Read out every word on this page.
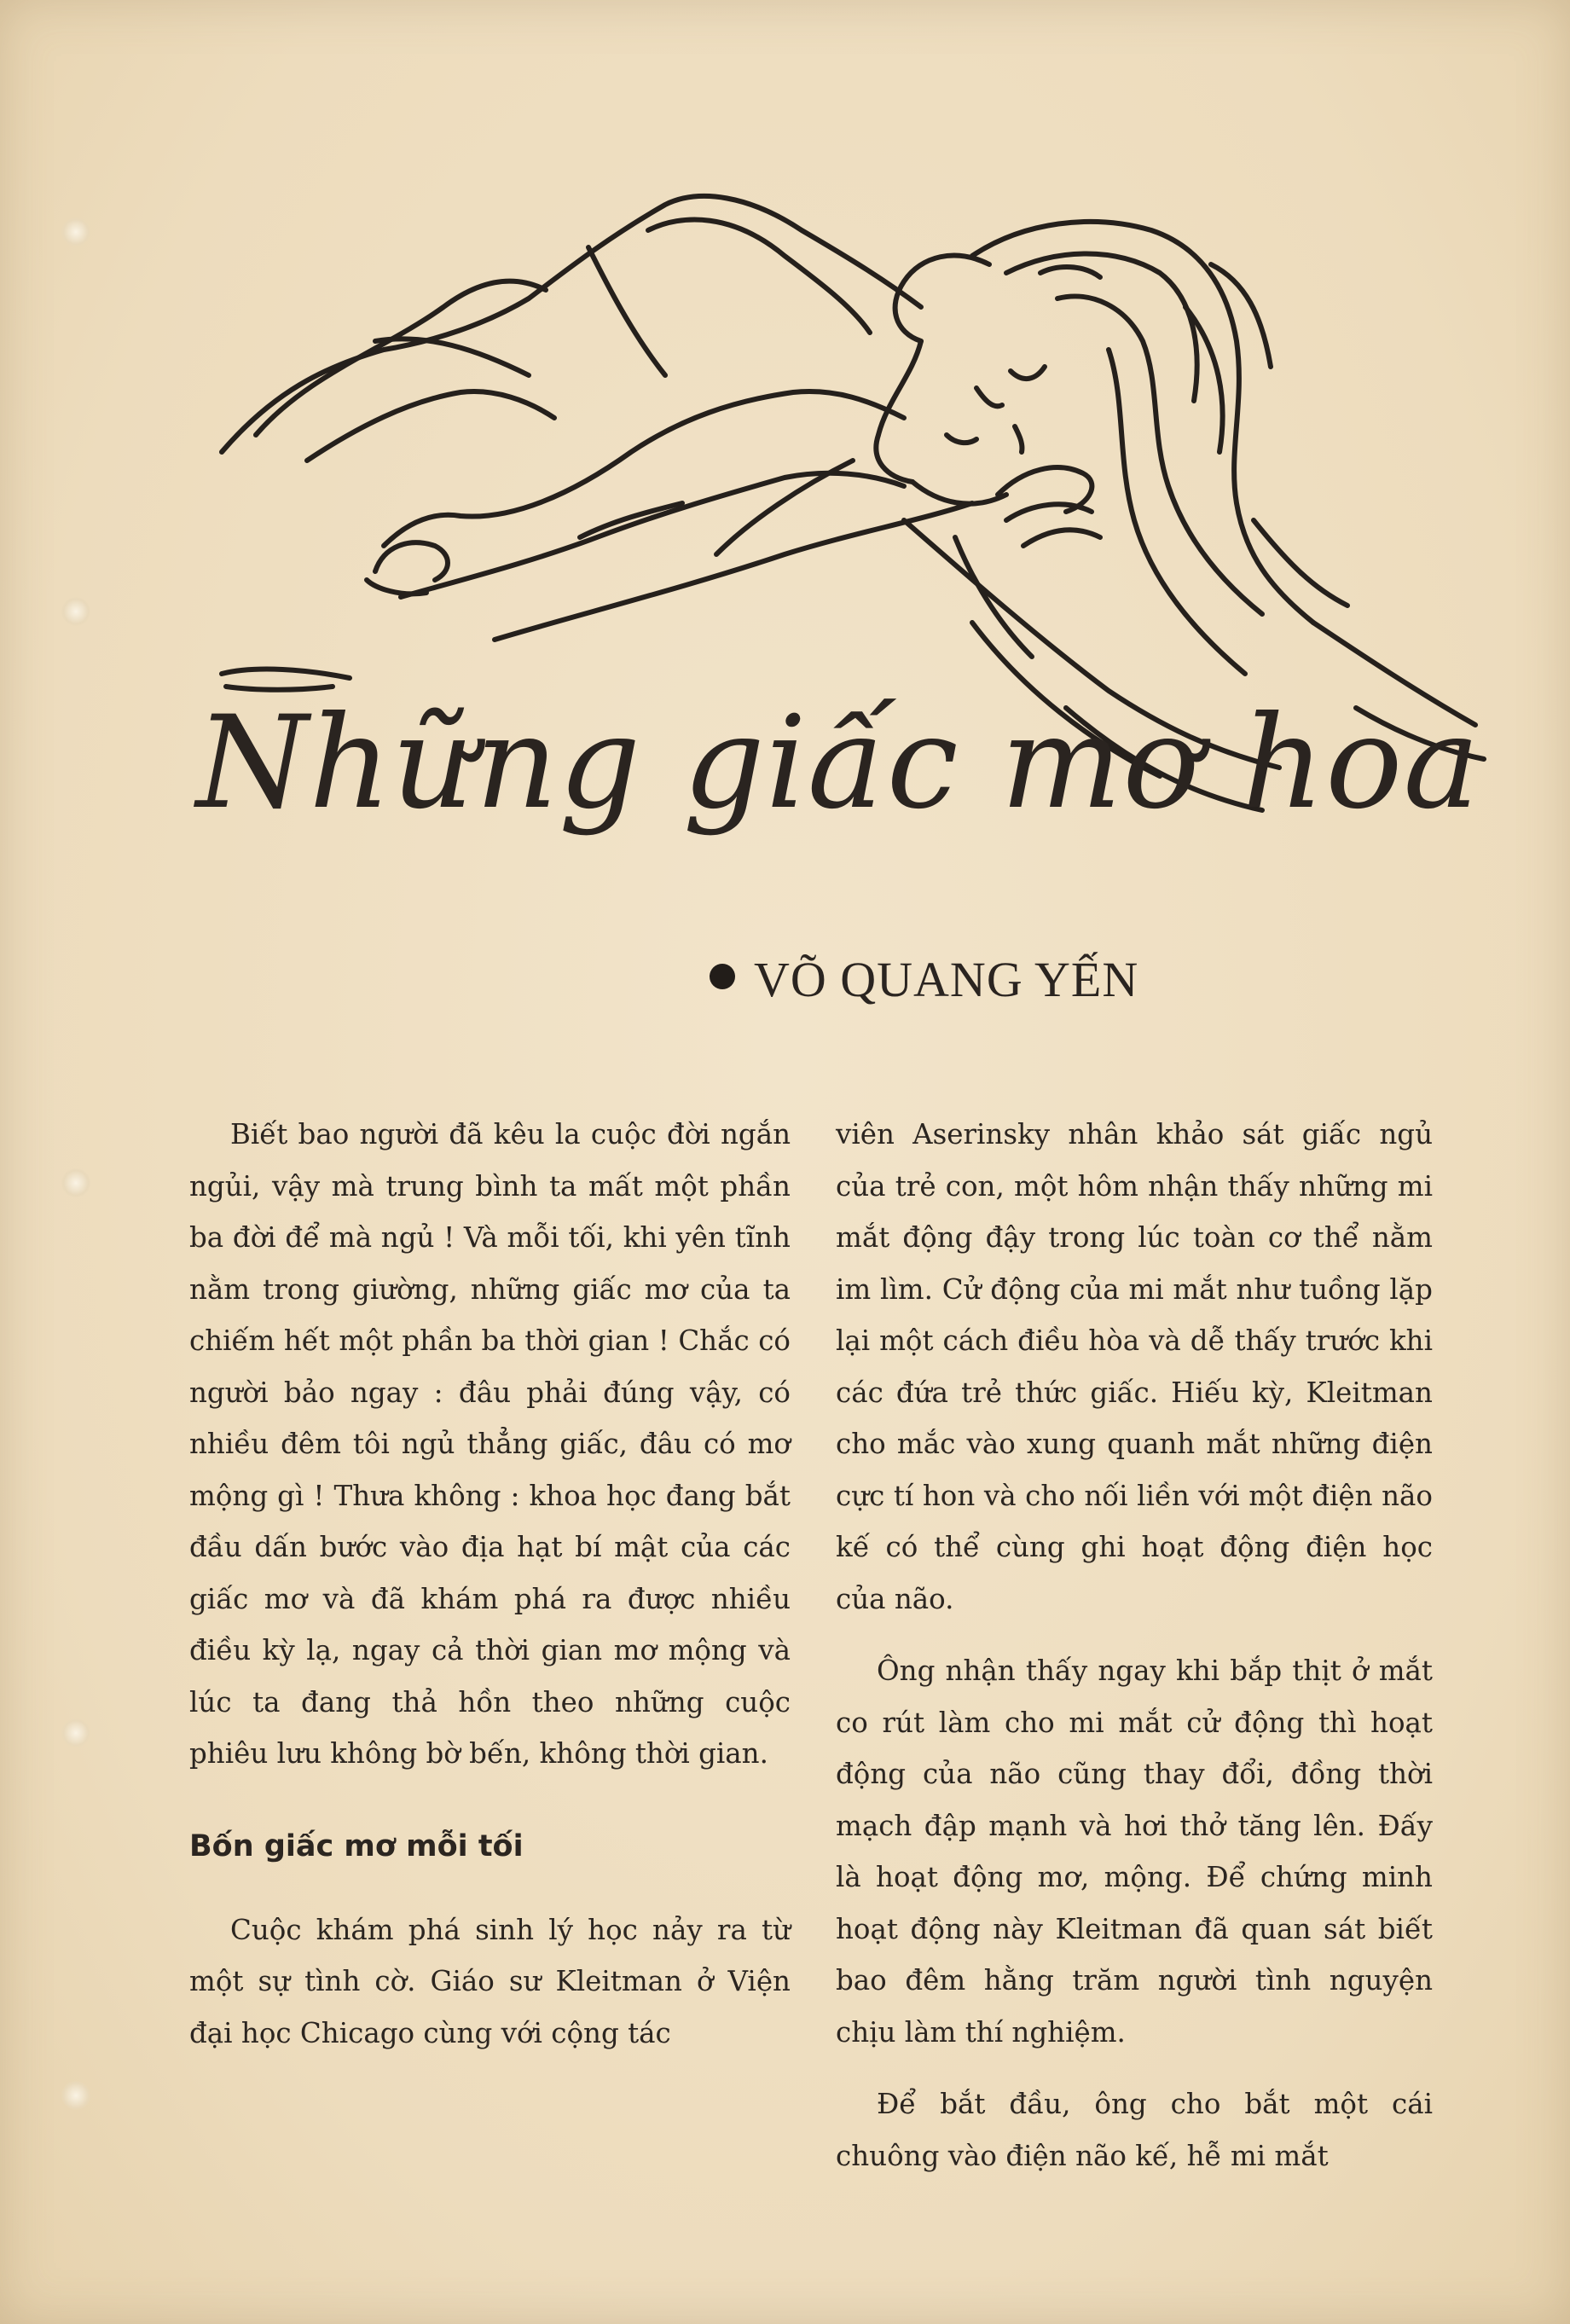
Những giấc mơ hoa
VÕ QUANG YẾN

Biết bao người đã kêu la cuộc đời ngắn ngủi, vậy mà trung bình ta mất một phần ba đời để mà ngủ ! Và mỗi tối, khi yên tĩnh nằm trong giường, những giấc mơ của ta chiếm hết một phần ba thời gian ! Chắc có người bảo ngay : đâu phải đúng vậy, có nhiều đêm tôi ngủ thẳng giấc, đâu có mơ mộng gì ! Thưa không : khoa học đang bắt đầu dấn bước vào địa hạt bí mật của các giấc mơ và đã khám phá ra được nhiều điều kỳ lạ, ngay cả thời gian mơ mộng và lúc ta đang thả hồn theo những cuộc phiêu lưu không bờ bến, không thời gian.

Bốn giấc mơ mỗi tối

Cuộc khám phá sinh lý học nảy ra từ một sự tình cờ. Giáo sư Kleitman ở Viện đại học Chicago cùng với cộng tác

viên Aserinsky nhân khảo sát giấc ngủ của trẻ con, một hôm nhận thấy những mi mắt động đậy trong lúc toàn cơ thể nằm im lìm. Cử động của mi mắt như tuồng lặp lại một cách điều hòa và dễ thấy trước khi các đứa trẻ thức giấc. Hiếu kỳ, Kleitman cho mắc vào xung quanh mắt những điện cực tí hon và cho nối liền với một điện não kế có thể cùng ghi hoạt động điện học của não.

Ông nhận thấy ngay khi bắp thịt ở mắt co rút làm cho mi mắt cử động thì hoạt động của não cũng thay đổi, đồng thời mạch đập mạnh và hơi thở tăng lên. Đấy là hoạt động mơ, mộng. Để chứng minh hoạt động này Kleitman đã quan sát biết bao đêm hằng trăm người tình nguyện chịu làm thí nghiệm.

Để bắt đầu, ông cho bắt một cái chuông vào điện não kế, hễ mi mắt
